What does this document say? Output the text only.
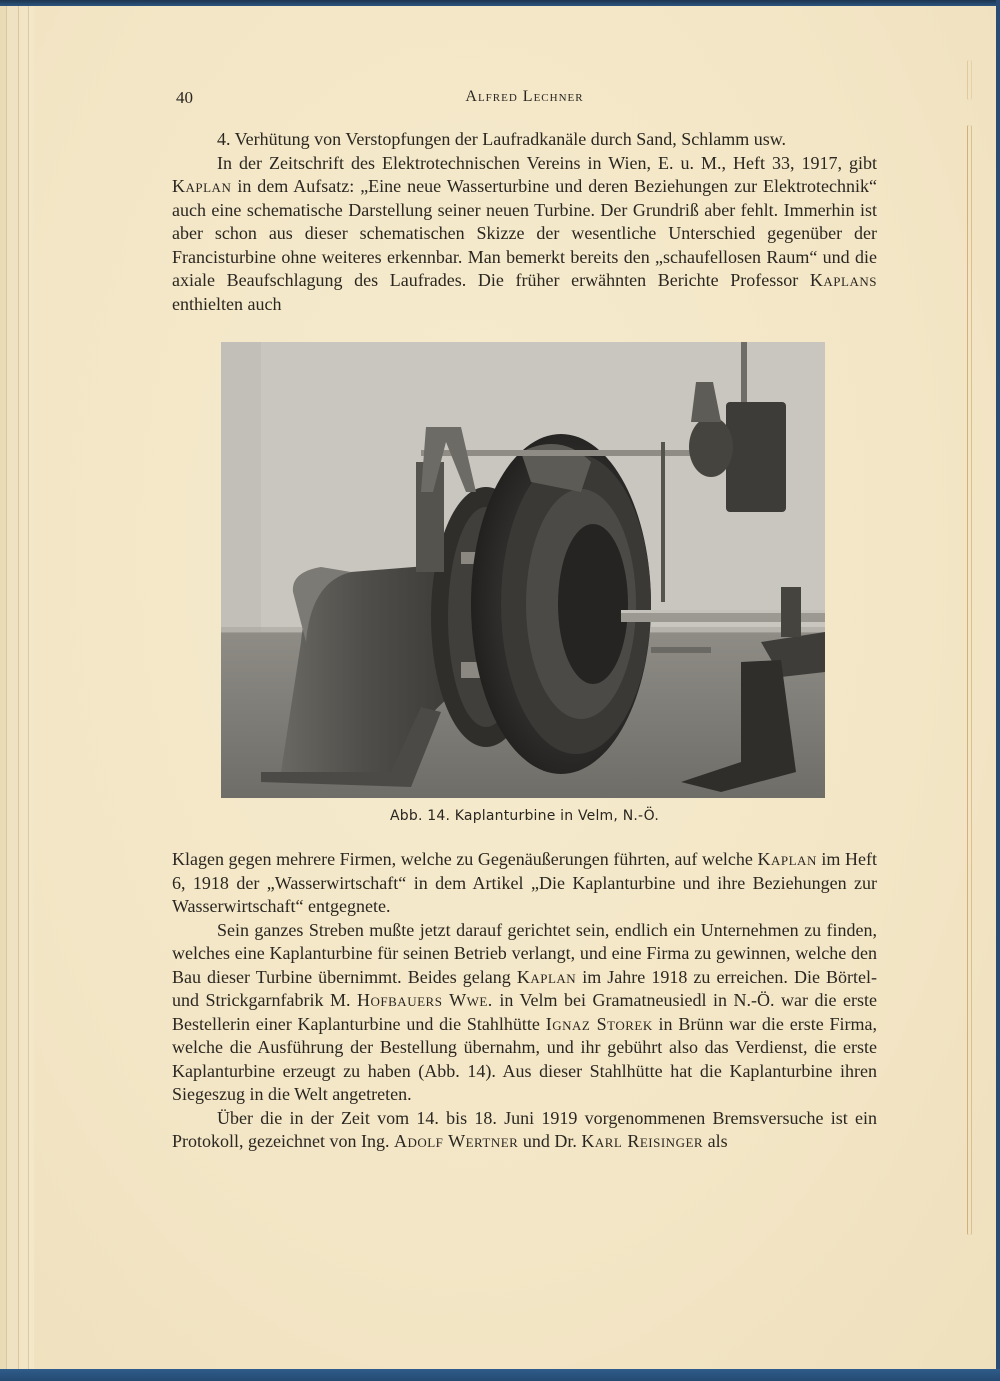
40	Alfred Lechner

4. Verhütung von Verstopfungen der Laufradkanäle durch Sand, Schlamm usw.

In der Zeitschrift des Elektrotechnischen Vereins in Wien, E. u. M., Heft 33, 1917, gibt Kaplan in dem Aufsatz: „Eine neue Wasserturbine und deren Beziehungen zur Elektrotechnik“ auch eine schematische Darstellung seiner neuen Turbine. Der Grundriß aber fehlt. Immerhin ist aber schon aus dieser schematischen Skizze der wesentliche Unterschied gegenüber der Francisturbine ohne weiteres erkennbar. Man bemerkt bereits den „schaufellosen Raum“ und die axiale Beaufschlagung des Laufrades. Die früher erwähnten Berichte Professor Kaplans enthielten auch

Abb. 14. Kaplanturbine in Velm, N.-Ö.

Klagen gegen mehrere Firmen, welche zu Gegenäußerungen führten, auf welche Kaplan im Heft 6, 1918 der „Wasserwirtschaft“ in dem Artikel „Die Kaplanturbine und ihre Beziehungen zur Wasserwirtschaft“ entgegnete.

Sein ganzes Streben mußte jetzt darauf gerichtet sein, endlich ein Unternehmen zu finden, welches eine Kaplanturbine für seinen Betrieb verlangt, und eine Firma zu gewinnen, welche den Bau dieser Turbine übernimmt. Beides gelang Kaplan im Jahre 1918 zu erreichen. Die Börtel- und Strickgarnfabrik M. Hofbauers Wwe. in Velm bei Gramatneusiedl in N.-Ö. war die erste Bestellerin einer Kaplanturbine und die Stahlhütte Ignaz Storek in Brünn war die erste Firma, welche die Ausführung der Bestellung übernahm, und ihr gebührt also das Verdienst, die erste Kaplanturbine erzeugt zu haben (Abb. 14). Aus dieser Stahlhütte hat die Kaplanturbine ihren Siegeszug in die Welt angetreten.

Über die in der Zeit vom 14. bis 18. Juni 1919 vorgenommenen Bremsversuche ist ein Protokoll, gezeichnet von Ing. Adolf Wertner und Dr. Karl Reisinger als
